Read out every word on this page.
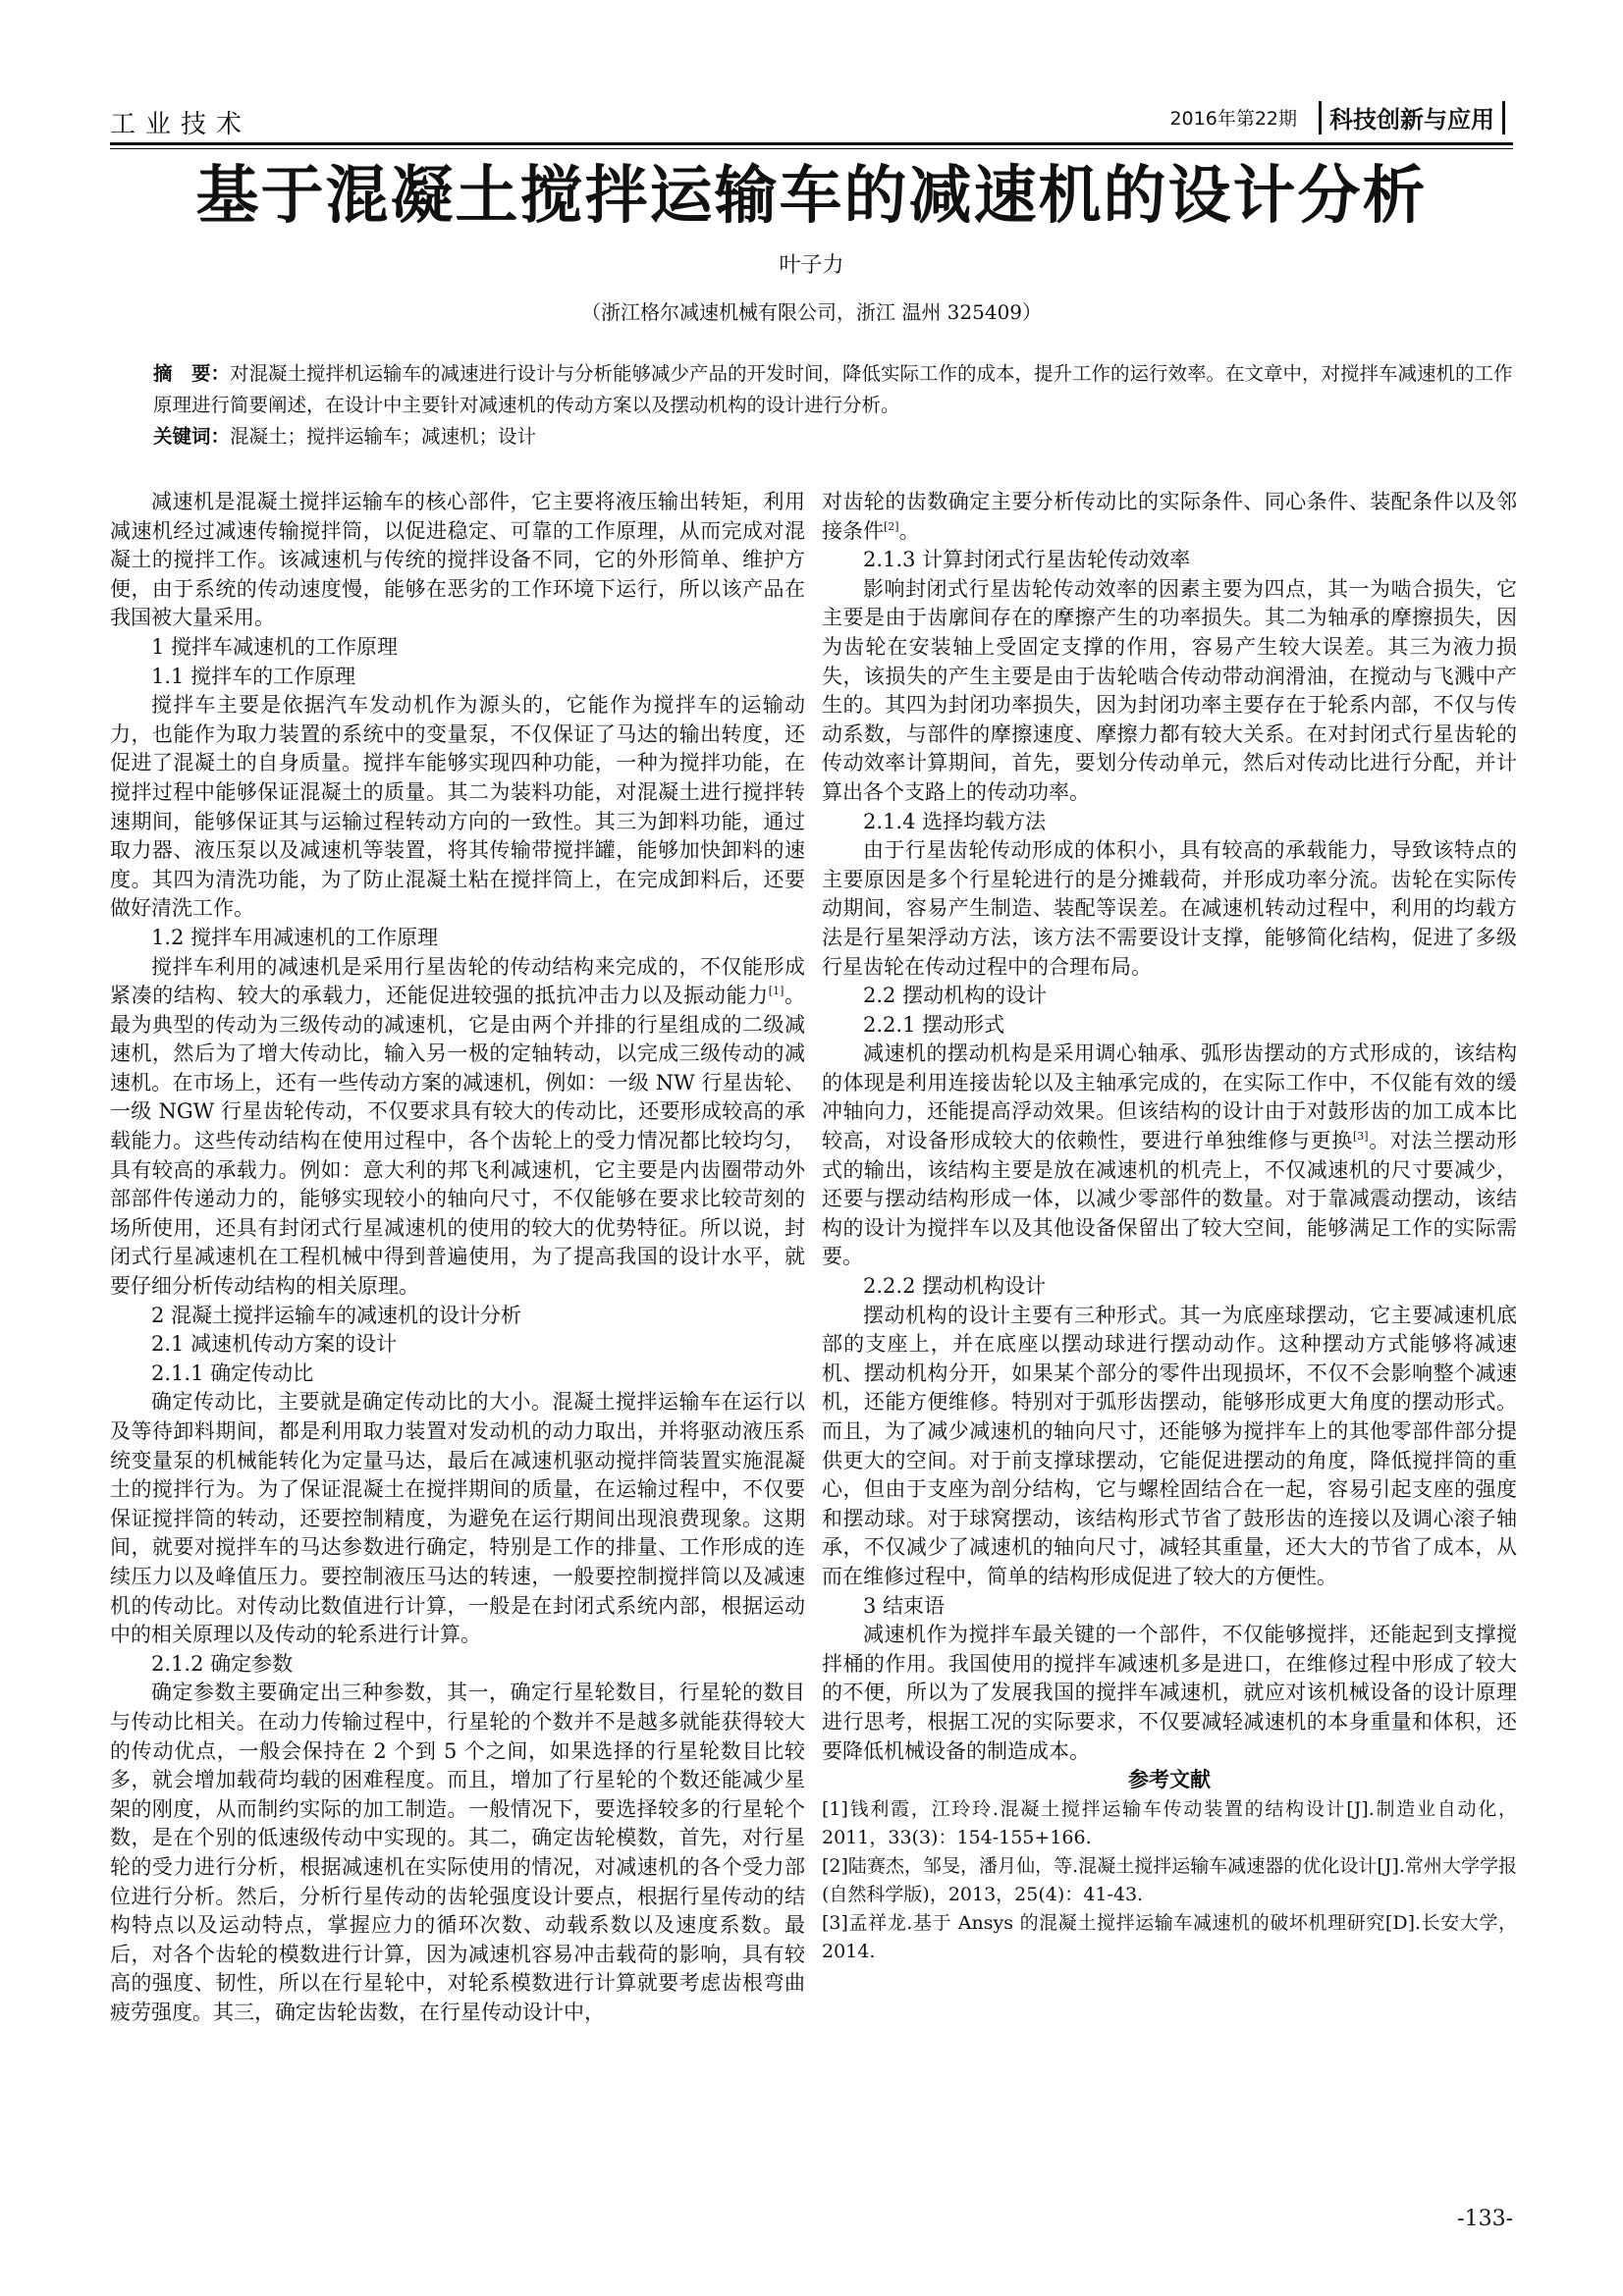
工业技术	2016年第22期 科技创新与应用
基于混凝土搅拌运输车的减速机的设计分析
叶子力
（浙江格尔减速机械有限公司，浙江 温州 325409）

摘　要：对混凝土搅拌机运输车的减速进行设计与分析能够减少产品的开发时间，降低实际工作的成本，提升工作的运行效率。在文章中，对搅拌车减速机的工作原理进行简要阐述，在设计中主要针对减速机的传动方案以及摆动机构的设计进行分析。

关键词：混凝土；搅拌运输车；减速机；设计

减速机是混凝土搅拌运输车的核心部件，它主要将液压输出转矩，利用减速机经过减速传输搅拌筒，以促进稳定、可靠的工作原理，从而完成对混凝土的搅拌工作。该减速机与传统的搅拌设备不同，它的外形简单、维护方便，由于系统的传动速度慢，能够在恶劣的工作环境下运行，所以该产品在我国被大量采用。

1 搅拌车减速机的工作原理

1.1 搅拌车的工作原理

搅拌车主要是依据汽车发动机作为源头的，它能作为搅拌车的运输动力，也能作为取力装置的系统中的变量泵，不仅保证了马达的输出转度，还促进了混凝土的自身质量。搅拌车能够实现四种功能，一种为搅拌功能，在搅拌过程中能够保证混凝土的质量。其二为装料功能，对混凝土进行搅拌转速期间，能够保证其与运输过程转动方向的一致性。其三为卸料功能，通过取力器、液压泵以及减速机等装置，将其传输带搅拌罐，能够加快卸料的速度。其四为清洗功能，为了防止混凝土粘在搅拌筒上，在完成卸料后，还要做好清洗工作。

1.2 搅拌车用减速机的工作原理

搅拌车利用的减速机是采用行星齿轮的传动结构来完成的，不仅能形成紧凑的结构、较大的承载力，还能促进较强的抵抗冲击力以及振动能力[1]。最为典型的传动为三级传动的减速机，它是由两个并排的行星组成的二级减速机，然后为了增大传动比，输入另一极的定轴转动，以完成三级传动的减速机。在市场上，还有一些传动方案的减速机，例如：一级 NW 行星齿轮、一级 NGW 行星齿轮传动，不仅要求具有较大的传动比，还要形成较高的承载能力。这些传动结构在使用过程中，各个齿轮上的受力情况都比较均匀，具有较高的承载力。例如：意大利的邦飞利减速机，它主要是内齿圈带动外部部件传递动力的，能够实现较小的轴向尺寸，不仅能够在要求比较苛刻的场所使用，还具有封闭式行星减速机的使用的较大的优势特征。所以说，封闭式行星减速机在工程机械中得到普遍使用，为了提高我国的设计水平，就要仔细分析传动结构的相关原理。

2 混凝土搅拌运输车的减速机的设计分析

2.1 减速机传动方案的设计

2.1.1 确定传动比

确定传动比，主要就是确定传动比的大小。混凝土搅拌运输车在运行以及等待卸料期间，都是利用取力装置对发动机的动力取出，并将驱动液压系统变量泵的机械能转化为定量马达，最后在减速机驱动搅拌筒装置实施混凝土的搅拌行为。为了保证混凝土在搅拌期间的质量，在运输过程中，不仅要保证搅拌筒的转动，还要控制精度，为避免在运行期间出现浪费现象。这期间，就要对搅拌车的马达参数进行确定，特别是工作的排量、工作形成的连续压力以及峰值压力。要控制液压马达的转速，一般要控制搅拌筒以及减速机的传动比。对传动比数值进行计算，一般是在封闭式系统内部，根据运动中的相关原理以及传动的轮系进行计算。

2.1.2 确定参数

确定参数主要确定出三种参数，其一，确定行星轮数目，行星轮的数目与传动比相关。在动力传输过程中，行星轮的个数并不是越多就能获得较大的传动优点，一般会保持在 2 个到 5 个之间，如果选择的行星轮数目比较多，就会增加载荷均载的困难程度。而且，增加了行星轮的个数还能减少星架的刚度，从而制约实际的加工制造。一般情况下，要选择较多的行星轮个数，是在个别的低速级传动中实现的。其二，确定齿轮模数，首先，对行星轮的受力进行分析，根据减速机在实际使用的情况，对减速机的各个受力部位进行分析。然后，分析行星传动的齿轮强度设计要点，根据行星传动的结构特点以及运动特点，掌握应力的循环次数、动载系数以及速度系数。最后，对各个齿轮的模数进行计算，因为减速机容易冲击载荷的影响，具有较高的强度、韧性，所以在行星轮中，对轮系模数进行计算就要考虑齿根弯曲疲劳强度。其三，确定齿轮齿数，在行星传动设计中，

对齿轮的齿数确定主要分析传动比的实际条件、同心条件、装配条件以及邻接条件[2]。

2.1.3 计算封闭式行星齿轮传动效率

影响封闭式行星齿轮传动效率的因素主要为四点，其一为啮合损失，它主要是由于齿廓间存在的摩擦产生的功率损失。其二为轴承的摩擦损失，因为齿轮在安装轴上受固定支撑的作用，容易产生较大误差。其三为液力损失，该损失的产生主要是由于齿轮啮合传动带动润滑油，在搅动与飞溅中产生的。其四为封闭功率损失，因为封闭功率主要存在于轮系内部，不仅与传动系数，与部件的摩擦速度、摩擦力都有较大关系。在对封闭式行星齿轮的传动效率计算期间，首先，要划分传动单元，然后对传动比进行分配，并计算出各个支路上的传动功率。

2.1.4 选择均载方法

由于行星齿轮传动形成的体积小，具有较高的承载能力，导致该特点的主要原因是多个行星轮进行的是分摊载荷，并形成功率分流。齿轮在实际传动期间，容易产生制造、装配等误差。在减速机转动过程中，利用的均载方法是行星架浮动方法，该方法不需要设计支撑，能够简化结构，促进了多级行星齿轮在传动过程中的合理布局。

2.2 摆动机构的设计

2.2.1 摆动形式

减速机的摆动机构是采用调心轴承、弧形齿摆动的方式形成的，该结构的体现是利用连接齿轮以及主轴承完成的，在实际工作中，不仅能有效的缓冲轴向力，还能提高浮动效果。但该结构的设计由于对鼓形齿的加工成本比较高，对设备形成较大的依赖性，要进行单独维修与更换[3]。对法兰摆动形式的输出，该结构主要是放在减速机的机壳上，不仅减速机的尺寸要减少，还要与摆动结构形成一体，以减少零部件的数量。对于靠减震动摆动，该结构的设计为搅拌车以及其他设备保留出了较大空间，能够满足工作的实际需要。

2.2.2 摆动机构设计

摆动机构的设计主要有三种形式。其一为底座球摆动，它主要减速机底部的支座上，并在底座以摆动球进行摆动动作。这种摆动方式能够将减速机、摆动机构分开，如果某个部分的零件出现损坏，不仅不会影响整个减速机，还能方便维修。特别对于弧形齿摆动，能够形成更大角度的摆动形式。而且，为了减少减速机的轴向尺寸，还能够为搅拌车上的其他零部件部分提供更大的空间。对于前支撑球摆动，它能促进摆动的角度，降低搅拌筒的重心，但由于支座为剖分结构，它与螺栓固结合在一起，容易引起支座的强度和摆动球。对于球窝摆动，该结构形式节省了鼓形齿的连接以及调心滚子轴承，不仅减少了减速机的轴向尺寸，减轻其重量，还大大的节省了成本，从而在维修过程中，简单的结构形成促进了较大的方便性。

3 结束语

减速机作为搅拌车最关键的一个部件，不仅能够搅拌，还能起到支撑搅拌桶的作用。我国使用的搅拌车减速机多是进口，在维修过程中形成了较大的不便，所以为了发展我国的搅拌车减速机，就应对该机械设备的设计原理进行思考，根据工况的实际要求，不仅要减轻减速机的本身重量和体积，还要降低机械设备的制造成本。

参考文献

[1]钱利霞，江玲玲.混凝土搅拌运输车传动装置的结构设计[J].制造业自动化，2011，33(3)：154-155+166.

[2]陆赛杰，邹旻，潘月仙，等.混凝土搅拌运输车减速器的优化设计[J].常州大学学报(自然科学版)，2013，25(4)：41-43.

[3]孟祥龙.基于 Ansys 的混凝土搅拌运输车减速机的破坏机理研究[D].长安大学，2014.

-133-
